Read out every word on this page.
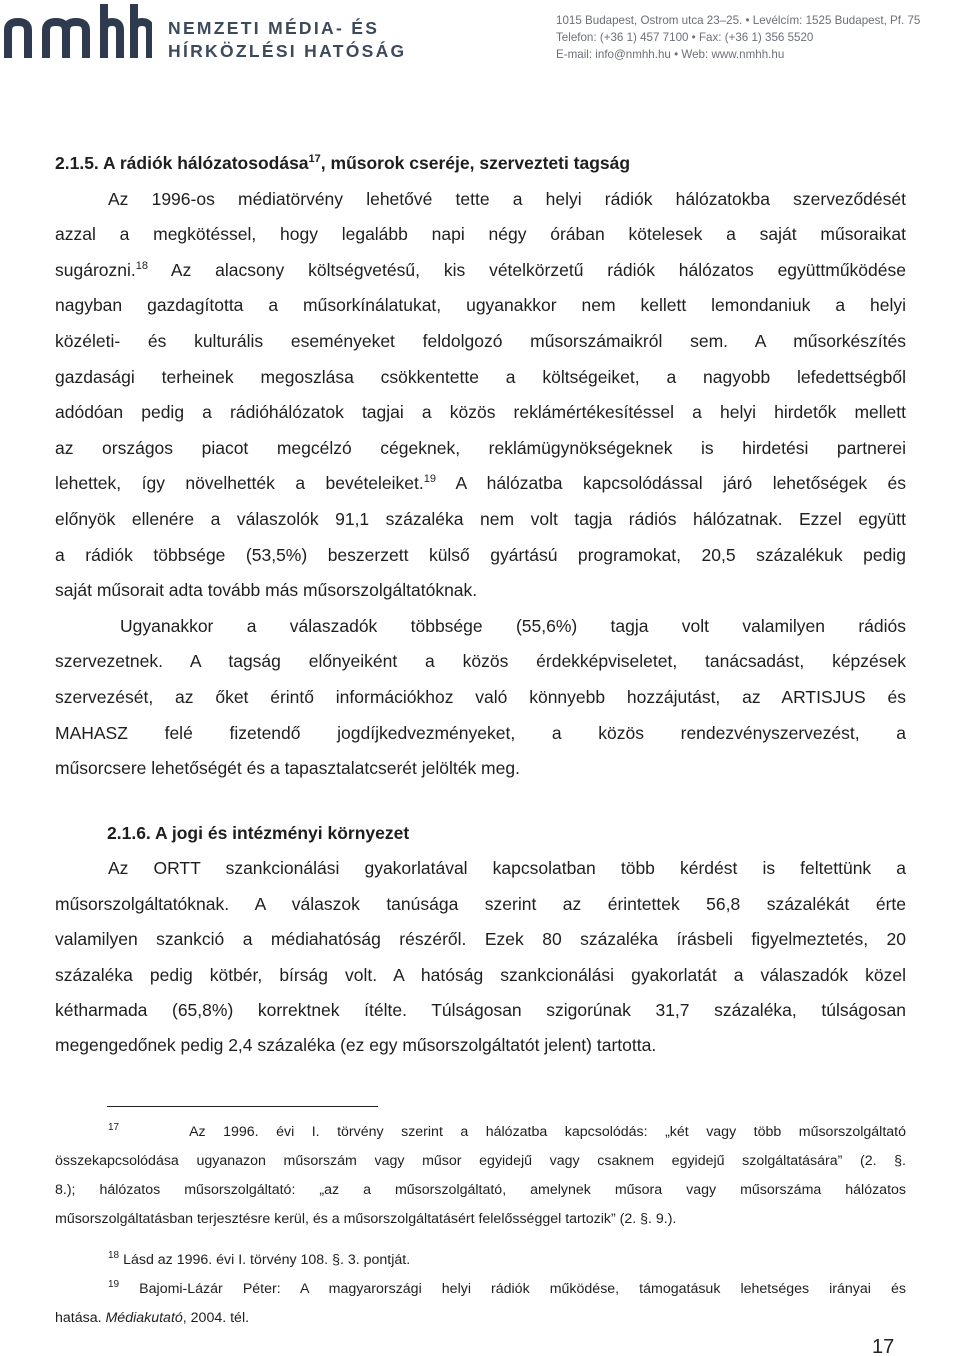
NEMZETI MÉDIA- ÉS
HÍRKÖZLÉSI HATÓSÁG
1015 Budapest, Ostrom utca 23–25. • Levélcím: 1525 Budapest, Pf. 75
Telefon: (+36 1) 457 7100 • Fax: (+36 1) 356 5520
E-mail: info@nmhh.hu • Web: www.nmhh.hu
2.1.5. A rádiók hálózatosodása$^{17}$, műsorok cseréje, szervezteti tagság
Az 1996-os médiatörvény lehetővé tette a helyi rádiók hálózatokba szerveződését
azzal a megkötéssel, hogy legalább napi négy órában kötelesek a saját műsoraikat
sugározni.$^{18}$ Az alacsony költségvetésű, kis vételkörzetű rádiók hálózatos együttműködése
nagyban gazdagította a műsorkínálatukat, ugyanakkor nem kellett lemondaniuk a helyi
közéleti- és kulturális eseményeket feldolgozó műsorszámaikról sem. A műsorkészítés
gazdasági terheinek megoszlása csökkentette a költségeiket, a nagyobb lefedettségből
adódóan pedig a rádióhálózatok tagjai a közös reklámértékesítéssel a helyi hirdetők mellett
az országos piacot megcélzó cégeknek, reklámügynökségeknek is hirdetési partnerei
lehettek, így növelhették a bevételeiket.$^{19}$ A hálózatba kapcsolódással járó lehetőségek és
előnyök ellenére a válaszolók 91,1 százaléka nem volt tagja rádiós hálózatnak. Ezzel együtt
a rádiók többsége (53,5%) beszerzett külső gyártású programokat, 20,5 százalékuk pedig
saját műsorait adta tovább más műsorszolgáltatóknak.
Ugyanakkor a válaszadók többsége (55,6%) tagja volt valamilyen rádiós
szervezetnek. A tagság előnyeiként a közös érdekképviseletet, tanácsadást, képzések
szervezését, az őket érintő információkhoz való könnyebb hozzájutást, az ARTISJUS és
MAHASZ felé fizetendő jogdíjkedvezményeket, a közös rendezvényszervezést, a
műsorcsere lehetőségét és a tapasztalatcserét jelölték meg.
2.1.6. A jogi és intézményi környezet
Az ORTT szankcionálási gyakorlatával kapcsolatban több kérdést is feltettünk a
műsorszolgáltatóknak. A válaszok tanúsága szerint az érintettek 56,8 százalékát érte
valamilyen szankció a médiahatóság részéről. Ezek 80 százaléka írásbeli figyelmeztetés, 20
százaléka pedig kötbér, bírság volt. A hatóság szankcionálási gyakorlatát a válaszadók közel
kétharmada (65,8%) korrektnek ítélte. Túlságosan szigorúnak 31,7 százaléka, túlságosan
megengedőnek pedig 2,4 százaléka (ez egy műsorszolgáltatót jelent) tartotta.
$^{17}$	Az 1996. évi I. törvény szerint a hálózatba kapcsolódás: „két vagy több műsorszolgáltató
összekapcsolódása ugyanazon műsorszám vagy műsor egyidejű vagy csaknem egyidejű szolgáltatására” (2. §.
8.); hálózatos műsorszolgáltató: „az a műsorszolgáltató, amelynek műsora vagy műsorszáma hálózatos
műsorszolgáltatásban terjesztésre kerül, és a műsorszolgáltatásért felelősséggel tartozik” (2. §. 9.).
$^{18}$ Lásd az 1996. évi I. törvény 108. §. 3. pontját.
$^{19}$ Bajomi-Lázár Péter: A magyarországi helyi rádiók működése, támogatásuk lehetséges irányai és
hatása. Médiakutató, 2004. tél.
17
